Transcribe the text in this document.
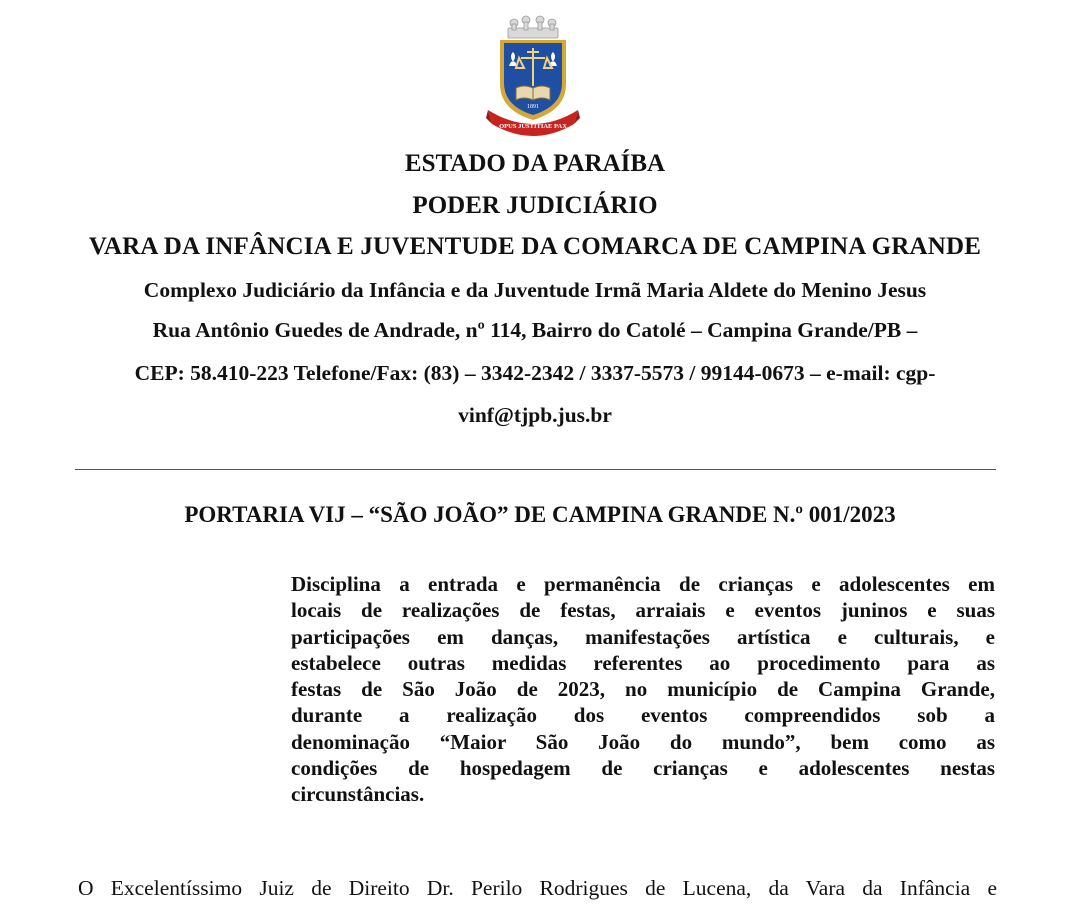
1891
OPUS JUSTITIAE PAX
ESTADO DA PARAÍBA
PODER JUDICIÁRIO
VARA DA INFÂNCIA E JUVENTUDE DA COMARCA DE CAMPINA GRANDE
Complexo Judiciário da Infância e da Juventude Irmã Maria Aldete do Menino Jesus
Rua Antônio Guedes de Andrade, nº 114, Bairro do Catolé – Campina Grande/PB –
CEP: 58.410-223 Telefone/Fax: (83) – 3342-2342 / 3337-5573 / 99144-0673 – e-mail: cgp-
vinf@tjpb.jus.br
PORTARIA VIJ – “SÃO JOÃO” DE CAMPINA GRANDE N.º 001/2023
Disciplina a entrada e permanência de crianças e adolescentes em
locais de realizações de festas, arraiais e eventos juninos e suas
participações em danças, manifestações artística e culturais, e
estabelece outras medidas referentes ao procedimento para as
festas de São João de 2023, no município de Campina Grande,
durante a realização dos eventos compreendidos sob a
denominação “Maior São João do mundo”, bem como as
condições de hospedagem de crianças e adolescentes nestas
circunstâncias.
O Excelentíssimo Juiz de Direito Dr. Perilo Rodrigues de Lucena, da Vara da Infância e
